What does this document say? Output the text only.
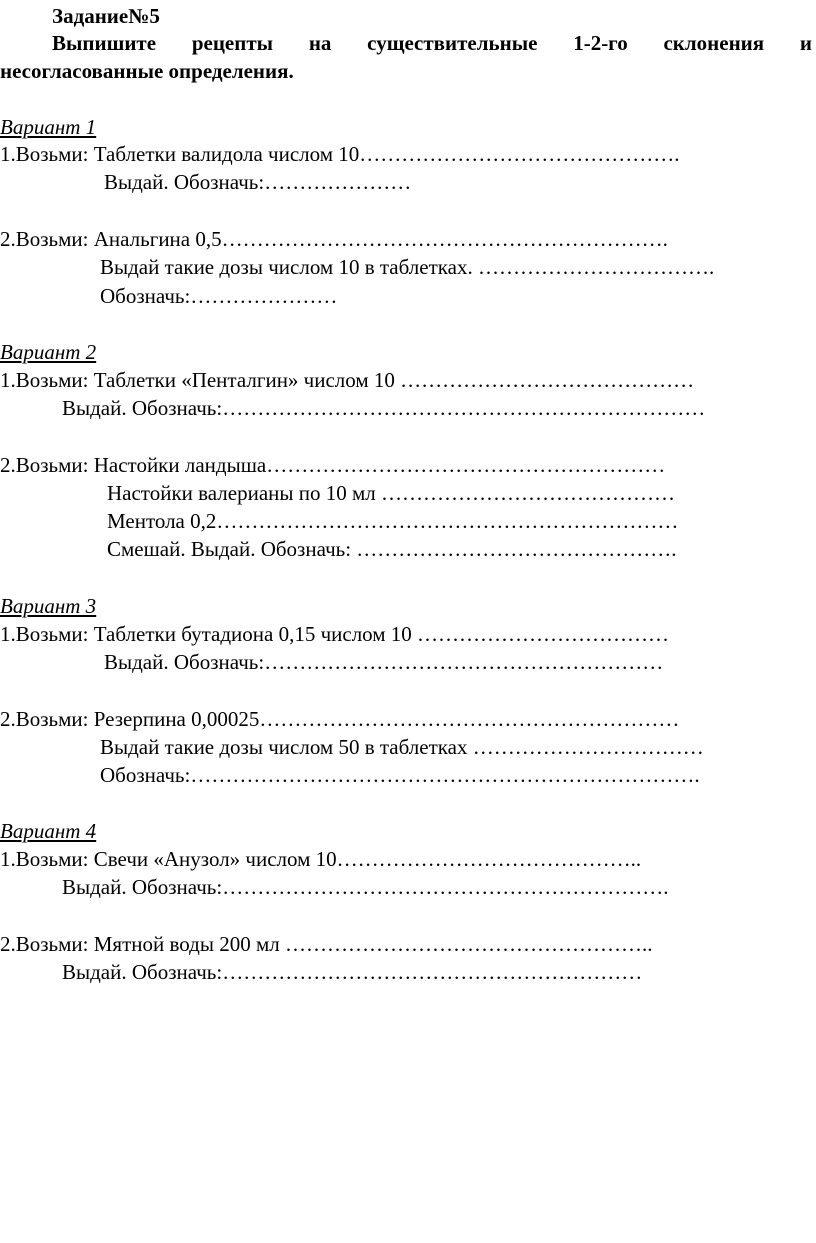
Задание№5
Выпишите рецепты на существительные 1-2-го склонения и
несогласованные определения.
Вариант 1
1.Возьми: Таблетки валидола числом 10……………………………………….
Выдай. Обозначь:…………………
2.Возьми: Анальгина 0,5……………………………………………………….
Выдай такие дозы числом 10 в таблетках. …………………………….
Обозначь:…………………
Вариант 2
1.Возьми: Таблетки «Пенталгин» числом 10 ……………………………………
Выдай. Обозначь:……………………………………………………………
2.Возьми: Настойки ландыша…………………………………………………
Настойки валерианы по 10 мл ……………………………………
Ментола 0,2…………………………………………………………
Смешай. Выдай. Обозначь: ……………………………………….
Вариант 3
1.Возьми: Таблетки бутадиона 0,15 числом 10 ………………………………
Выдай. Обозначь:…………………………………………………
2.Возьми: Резерпина 0,00025……………………………………………………
Выдай такие дозы числом 50 в таблетках ……………………………
Обозначь:……………………………………………………………….
Вариант 4
1.Возьми: Свечи «Анузол» числом 10……………………………………..
Выдай. Обозначь:……………………………………………………….
2.Возьми: Мятной воды 200 мл ……………………………………………..
Выдай. Обозначь:……………………………………………………
